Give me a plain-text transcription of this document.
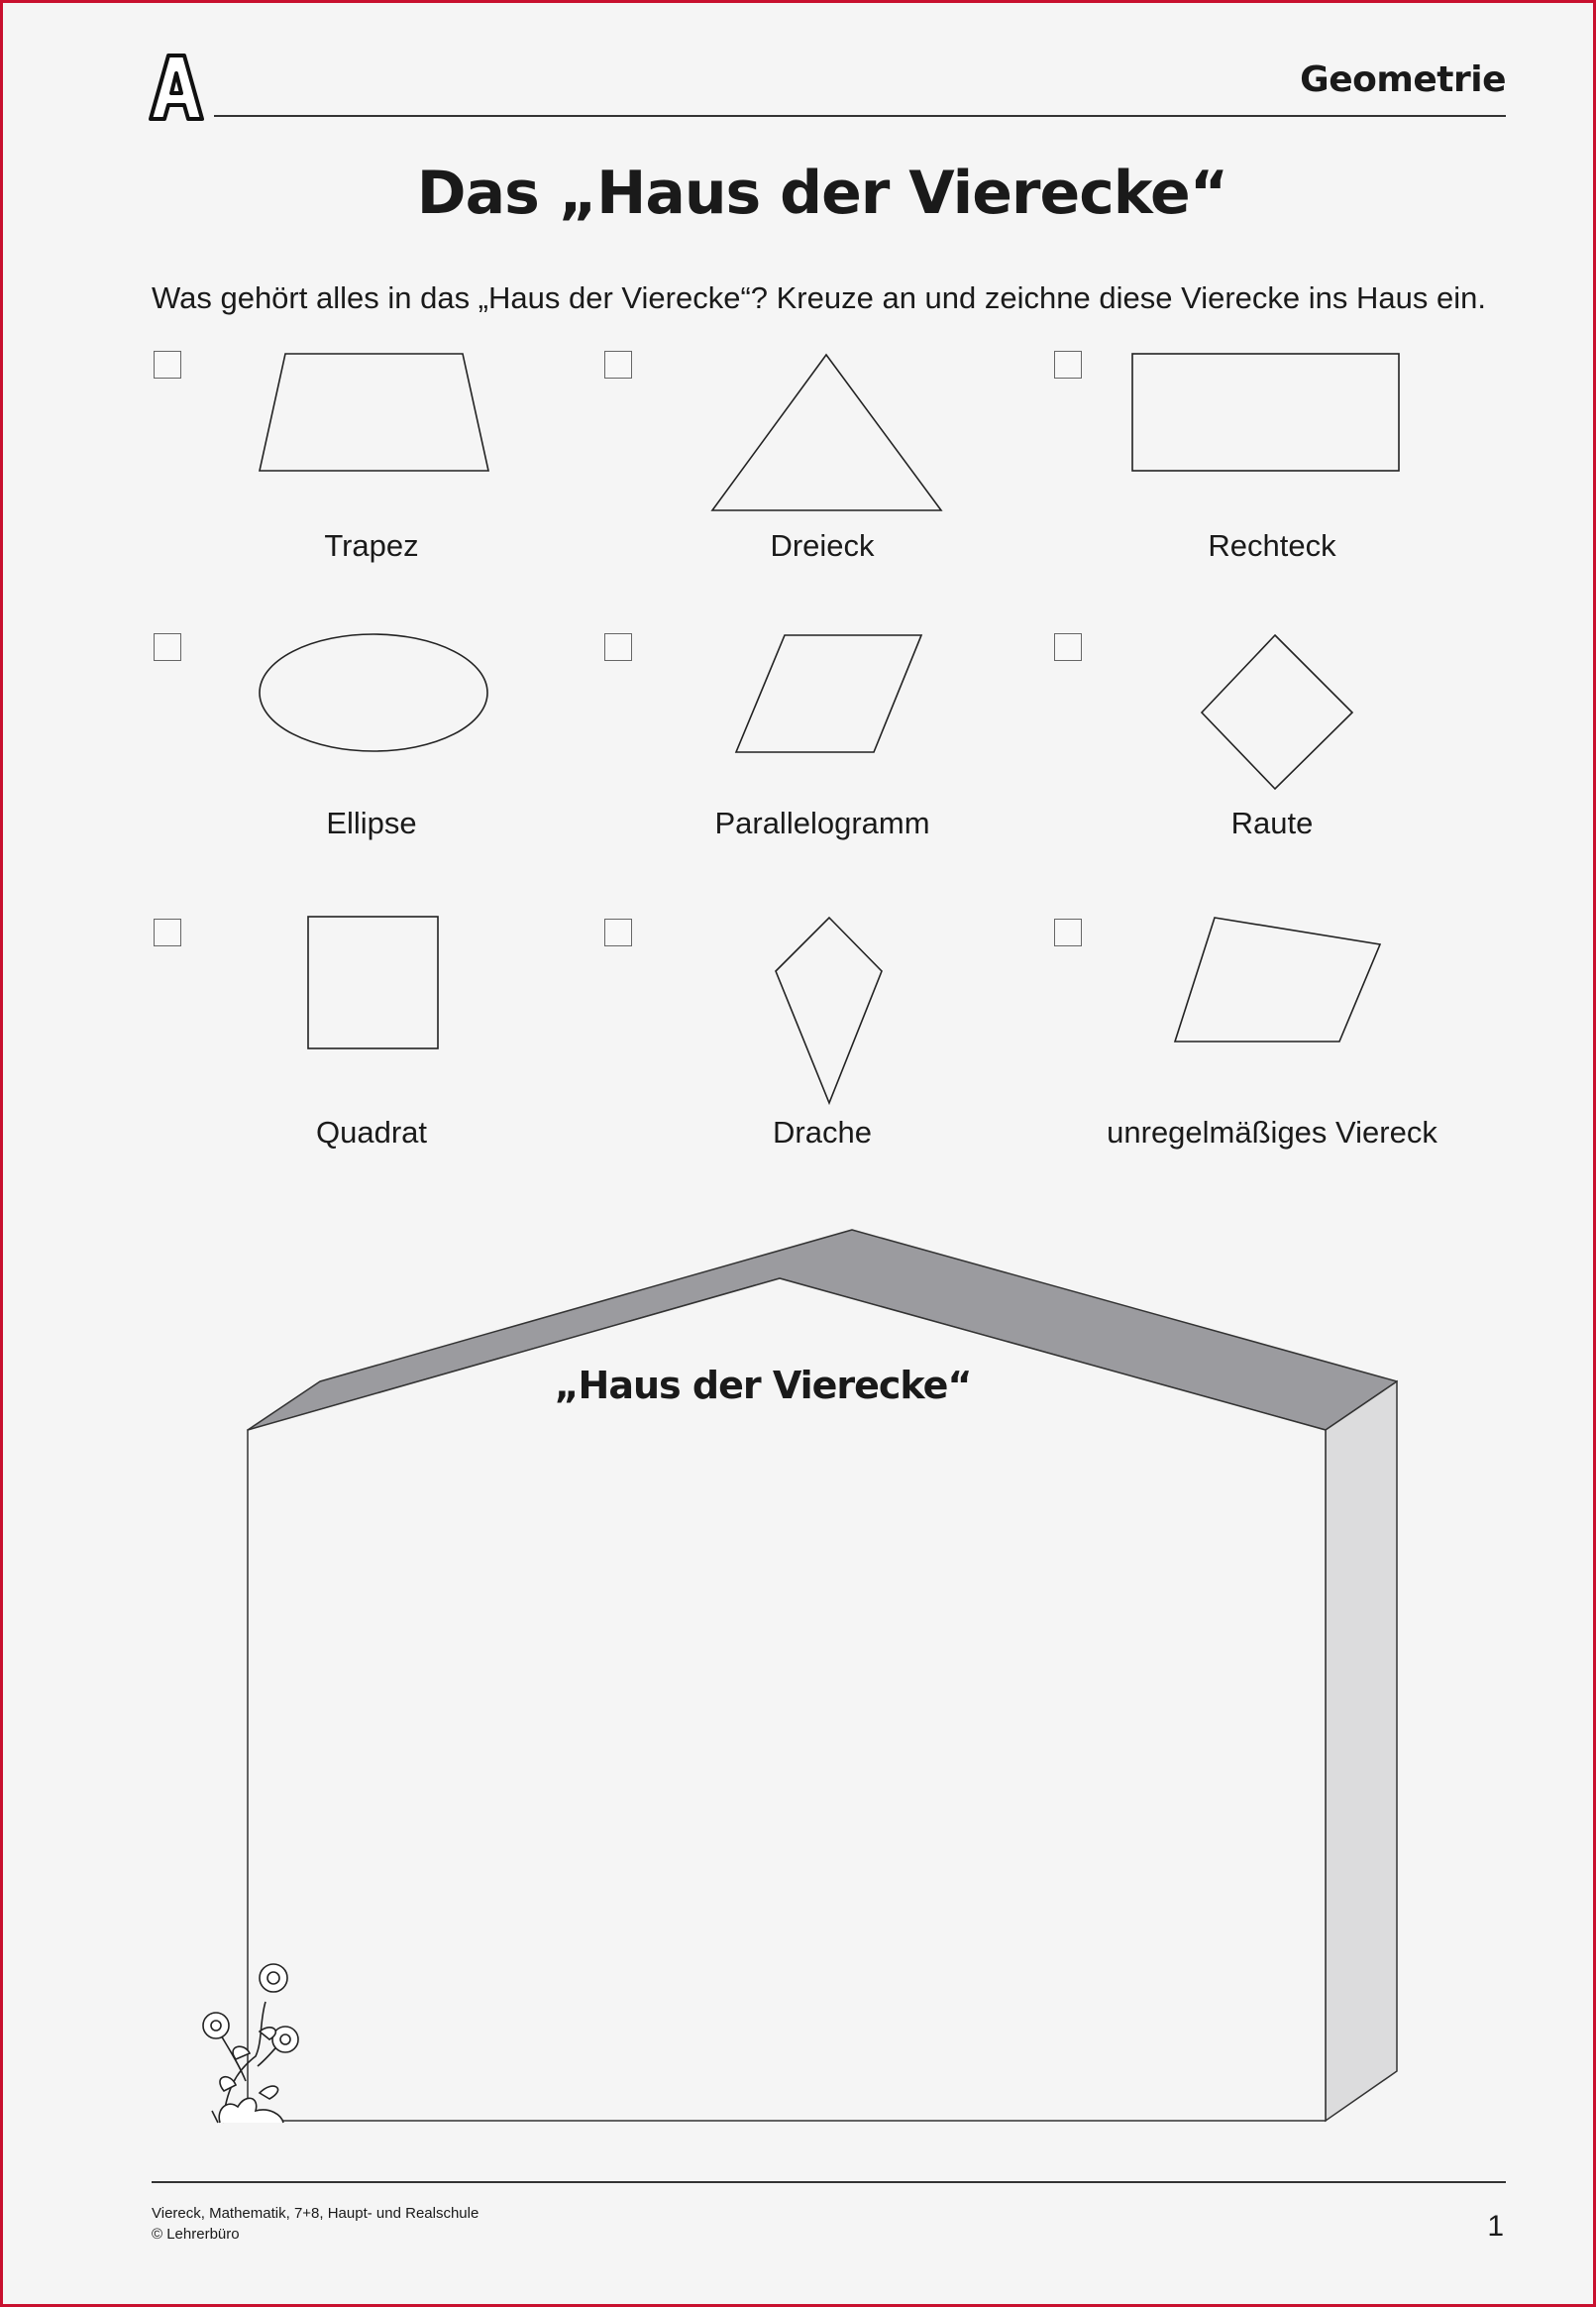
Geometrie
Das „Haus der Vierecke“
Was gehört alles in das „Haus der Vierecke“? Kreuze an und zeichne diese Vierecke ins Haus ein.
Trapez	Dreieck	Rechteck
Ellipse	Parallelogramm	Raute
Quadrat	Drache	unregelmäßiges Viereck
„Haus der Vierecke“
Viereck, Mathematik, 7+8, Haupt- und Realschule
© Lehrerbüro	1
